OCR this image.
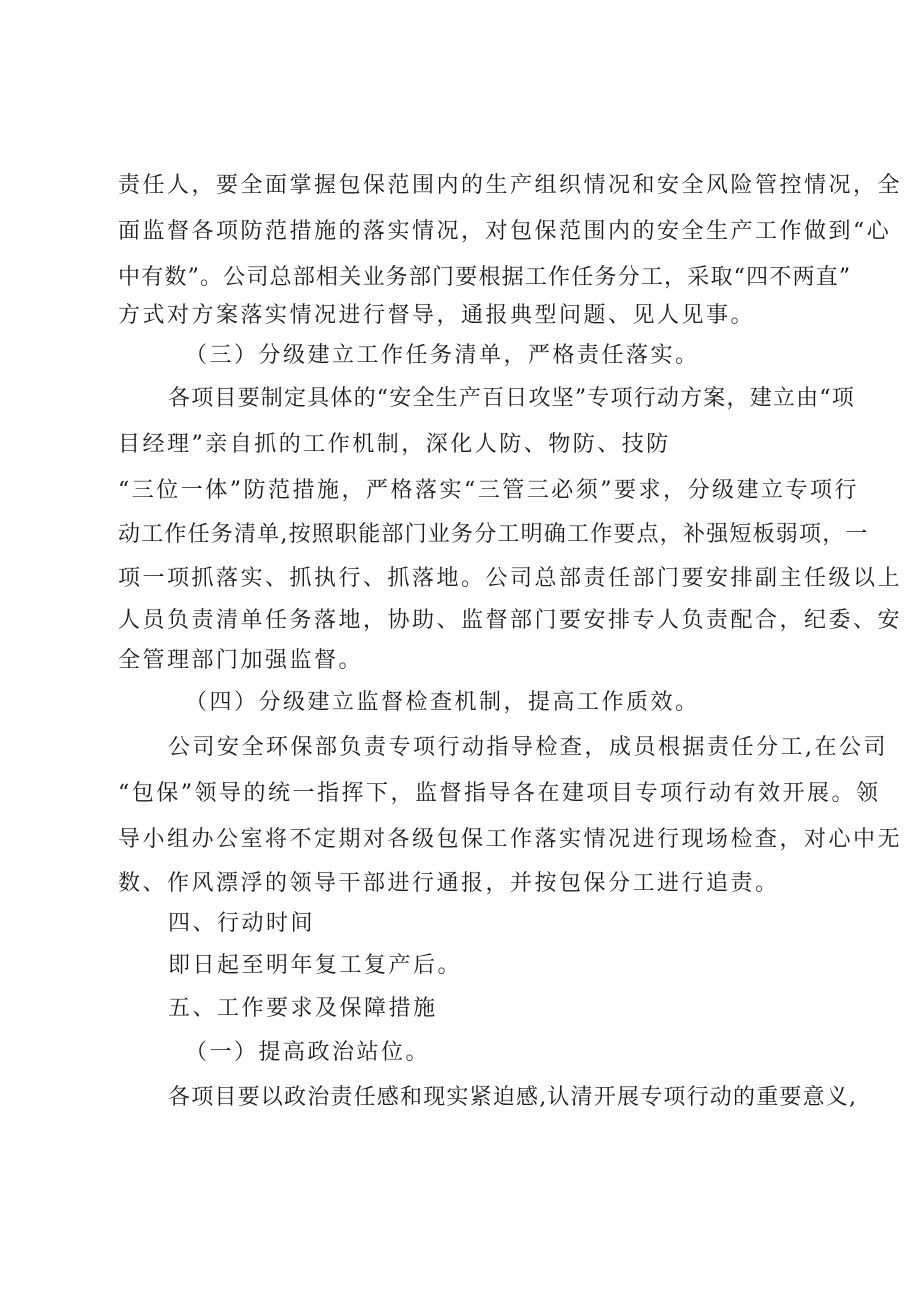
责任人，要全面掌握包保范围内的生产组织情况和安全风险管控情况，全
面监督各项防范措施的落实情况，对包保范围内的安全生产工作做到“心
中有数”。公司总部相关业务部门要根据工作任务分工，采取“四不两直”
方式对方案落实情况进行督导，通报典型问题、见人见事。
（三）分级建立工作任务清单，严格责任落实。
各项目要制定具体的“安全生产百日攻坚”专项行动方案，建立由“项
目经理”亲自抓的工作机制，深化人防、物防、技防
“三位一体”防范措施，严格落实“三管三必须”要求，分级建立专项行
动工作任务清单,按照职能部门业务分工明确工作要点，补强短板弱项，一
项一项抓落实、抓执行、抓落地。公司总部责任部门要安排副主任级以上
人员负责清单任务落地，协助、监督部门要安排专人负责配合，纪委、安
全管理部门加强监督。
（四）分级建立监督检查机制，提高工作质效。
公司安全环保部负责专项行动指导检查，成员根据责任分工,在公司
“包保”领导的统一指挥下，监督指导各在建项目专项行动有效开展。领
导小组办公室将不定期对各级包保工作落实情况进行现场检查，对心中无
数、作风漂浮的领导干部进行通报，并按包保分工进行追责。
四、行动时间
即日起至明年复工复产后。
五、工作要求及保障措施
（一）提高政治站位。
各项目要以政治责任感和现实紧迫感,认清开展专项行动的重要意义,
